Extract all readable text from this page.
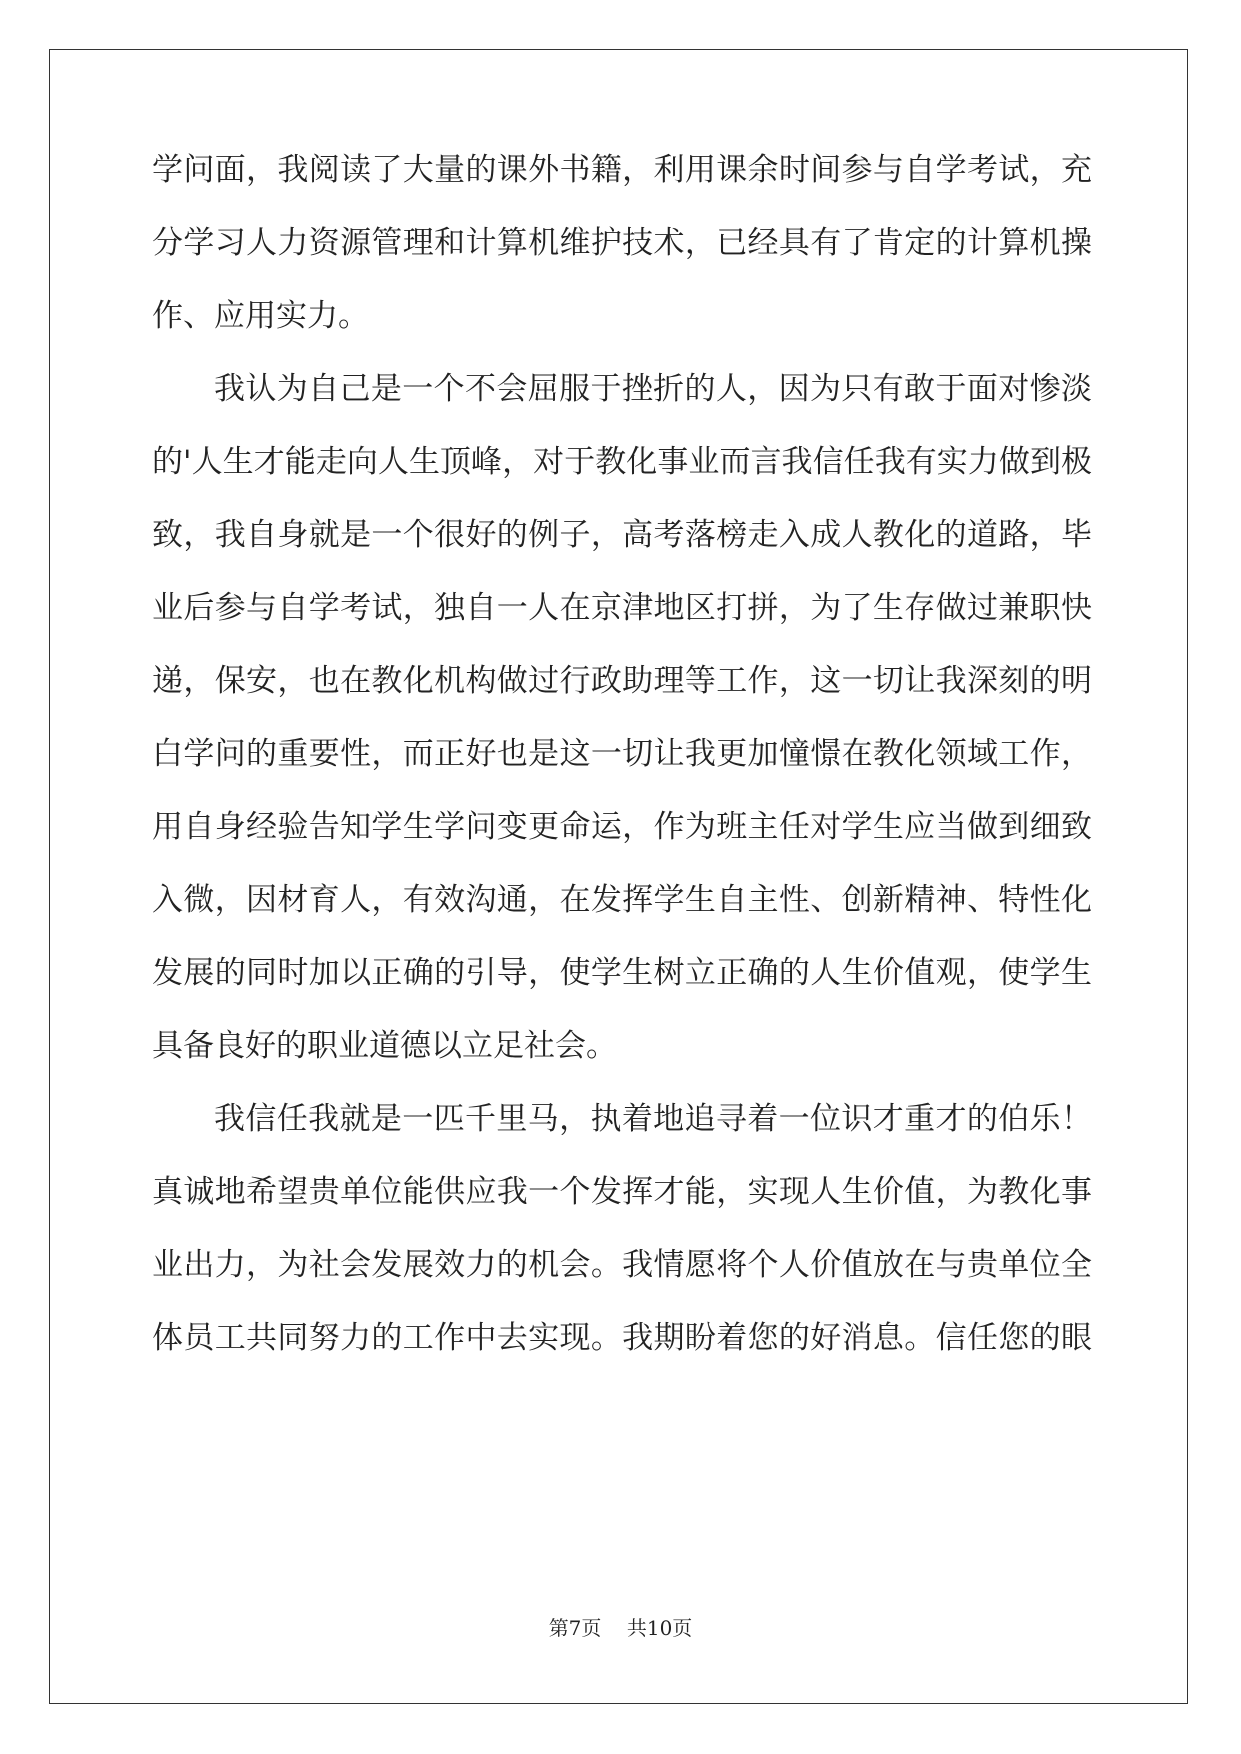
学问面，我阅读了大量的课外书籍，利用课余时间参与自学考试，充
分学习人力资源管理和计算机维护技术，已经具有了肯定的计算机操
作、应用实力。
我认为自己是一个不会屈服于挫折的人，因为只有敢于面对惨淡
的'人生才能走向人生顶峰，对于教化事业而言我信任我有实力做到极
致，我自身就是一个很好的例子，高考落榜走入成人教化的道路，毕
业后参与自学考试，独自一人在京津地区打拼，为了生存做过兼职快
递，保安，也在教化机构做过行政助理等工作，这一切让我深刻的明
白学问的重要性，而正好也是这一切让我更加憧憬在教化领域工作，
用自身经验告知学生学问变更命运，作为班主任对学生应当做到细致
入微，因材育人，有效沟通，在发挥学生自主性、创新精神、特性化
发展的同时加以正确的引导，使学生树立正确的人生价值观，使学生
具备良好的职业道德以立足社会。
我信任我就是一匹千里马，执着地追寻着一位识才重才的伯乐！
真诚地希望贵单位能供应我一个发挥才能，实现人生价值，为教化事
业出力，为社会发展效力的机会。我情愿将个人价值放在与贵单位全
体员工共同努力的工作中去实现。我期盼着您的好消息。信任您的眼
第7页 共10页
